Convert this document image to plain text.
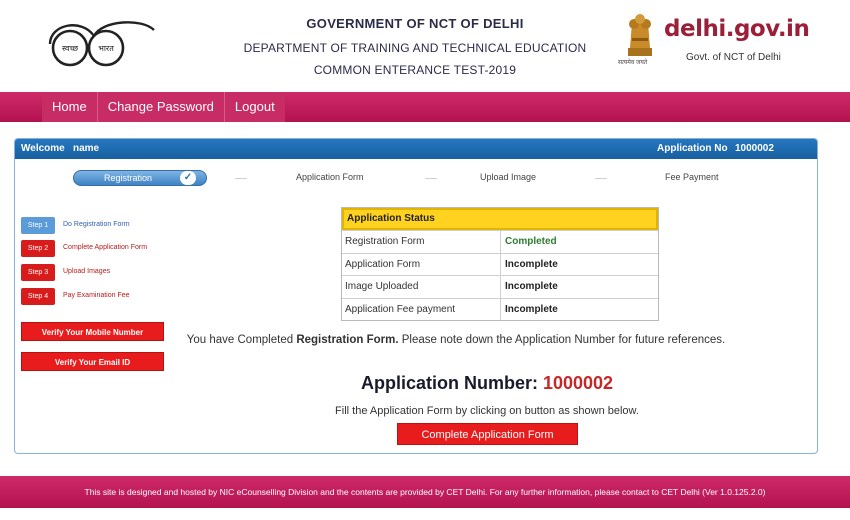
स्वच्छ	भारत
GOVERNMENT OF NCT OF DELHI
DEPARTMENT OF TRAINING AND TECHNICAL EDUCATION
COMMON ENTERANCE TEST-2019	सत्यमेव जयते
delhi.gov.in
Govt. of NCT of Delhi
Home	Change Password	Logout
Welcome name	Application No 1000002
Registration	✓	Application Form	Upload Image	Fee Payment
Step 1	Do Registration Form
Step 2	Complete Application Form
Step 3	Upload Images
Step 4	Pay Examination Fee
Verify Your Mobile Number
Verify Your Email ID
Application Status
Registration Form	Completed
Application Form	Incomplete
Image Uploaded	Incomplete
Application Fee payment	Incomplete
You have Completed Registration Form. Please note down the Application Number for future references.
Application Number: 1000002
Fill the Application Form by clicking on button as shown below.
Complete Application Form
This site is designed and hosted by NIC eCounselling Division and the contents are provided by CET Delhi. For any further information, please contact to CET Delhi (Ver 1.0.125.2.0)
